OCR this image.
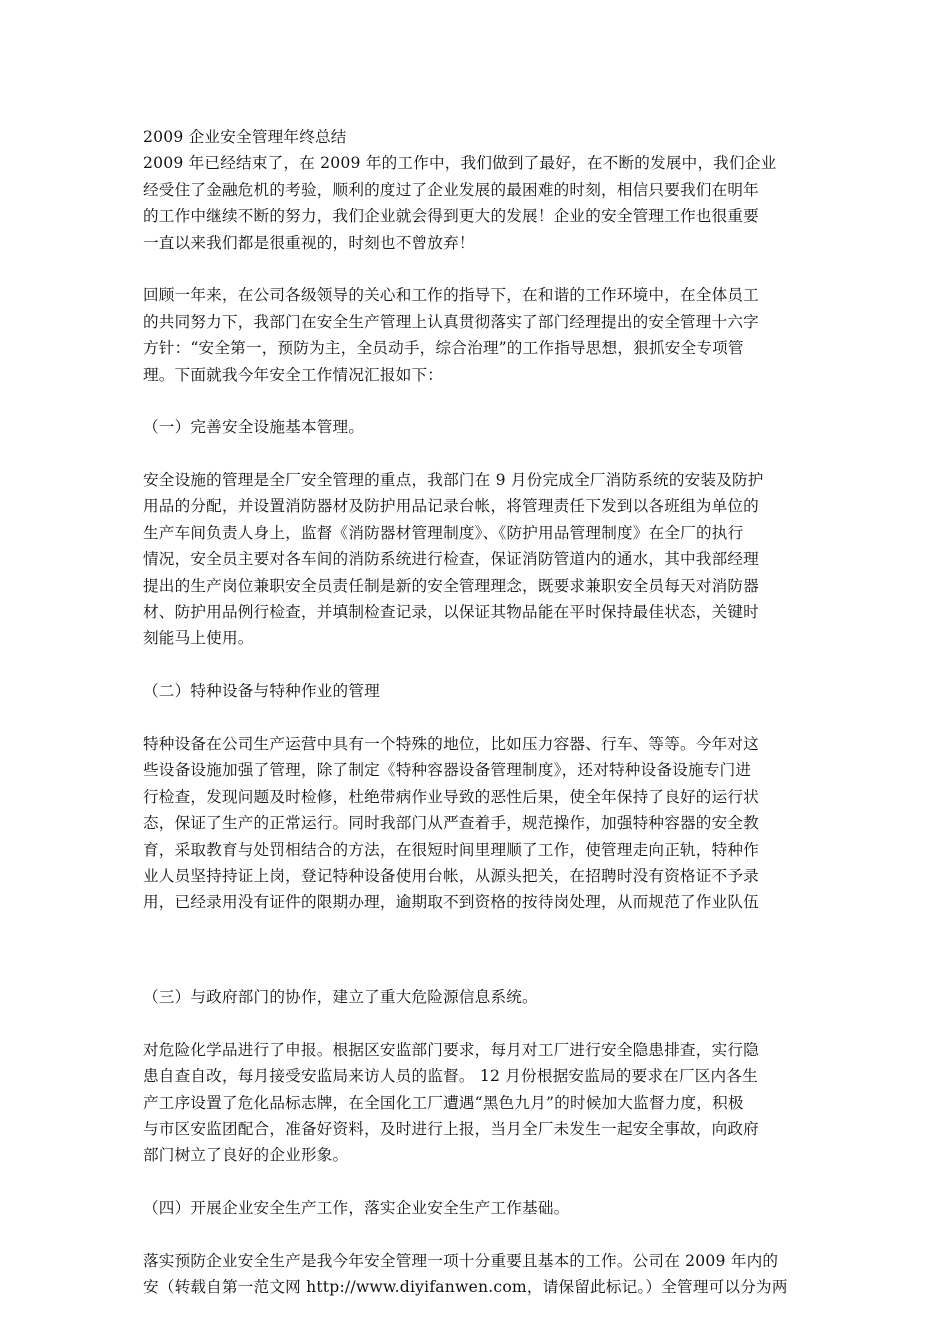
2009 企业安全管理年终总结
2009 年已经结束了，在 2009 年的工作中，我们做到了最好，在不断的发展中，我们企业
经受住了金融危机的考验，顺利的度过了企业发展的最困难的时刻，相信只要我们在明年
的工作中继续不断的努力，我们企业就会得到更大的发展！企业的安全管理工作也很重要
一直以来我们都是很重视的，时刻也不曾放弃！
回顾一年来，在公司各级领导的关心和工作的指导下，在和谐的工作环境中，在全体员工
的共同努力下，我部门在安全生产管理上认真贯彻落实了部门经理提出的安全管理十六字
方针：“安全第一，预防为主，全员动手，综合治理”的工作指导思想，狠抓安全专项管
理。下面就我今年安全工作情况汇报如下：
（一）完善安全设施基本管理。
安全设施的管理是全厂安全管理的重点，我部门在 9 月份完成全厂消防系统的安装及防护
用品的分配，并设置消防器材及防护用品记录台帐，将管理责任下发到以各班组为单位的
生产车间负责人身上，监督《消防器材管理制度》、《防护用品管理制度》在全厂的执行
情况，安全员主要对各车间的消防系统进行检查，保证消防管道内的通水，其中我部经理
提出的生产岗位兼职安全员责任制是新的安全管理理念，既要求兼职安全员每天对消防器
材、防护用品例行检查，并填制检查记录，以保证其物品能在平时保持最佳状态，关键时
刻能马上使用。
（二）特种设备与特种作业的管理
特种设备在公司生产运营中具有一个特殊的地位，比如压力容器、行车、等等。今年对这
些设备设施加强了管理，除了制定《特种容器设备管理制度》，还对特种设备设施专门进
行检查，发现问题及时检修，杜绝带病作业导致的恶性后果，使全年保持了良好的运行状
态，保证了生产的正常运行。同时我部门从严查着手，规范操作，加强特种容器的安全教
育，采取教育与处罚相结合的方法，在很短时间里理顺了工作，使管理走向正轨，特种作
业人员坚持持证上岗，登记特种设备使用台帐，从源头把关，在招聘时没有资格证不予录
用，已经录用没有证件的限期办理，逾期取不到资格的按待岗处理，从而规范了作业队伍
（三）与政府部门的协作，建立了重大危险源信息系统。
对危险化学品进行了申报。根据区安监部门要求，每月对工厂进行安全隐患排查，实行隐
患自查自改，每月接受安监局来访人员的监督。 12 月份根据安监局的要求在厂区内各生
产工序设置了危化品标志牌，在全国化工厂遭遇“黑色九月”的时候加大监督力度，积极
与市区安监团配合，准备好资料，及时进行上报，当月全厂未发生一起安全事故，向政府
部门树立了良好的企业形象。
（四）开展企业安全生产工作，落实企业安全生产工作基础。
落实预防企业安全生产是我今年安全管理一项十分重要且基本的工作。公司在 2009 年内的
安（转载自第一范文网 http://www.diyifanwen.com，请保留此标记。）全管理可以分为两
